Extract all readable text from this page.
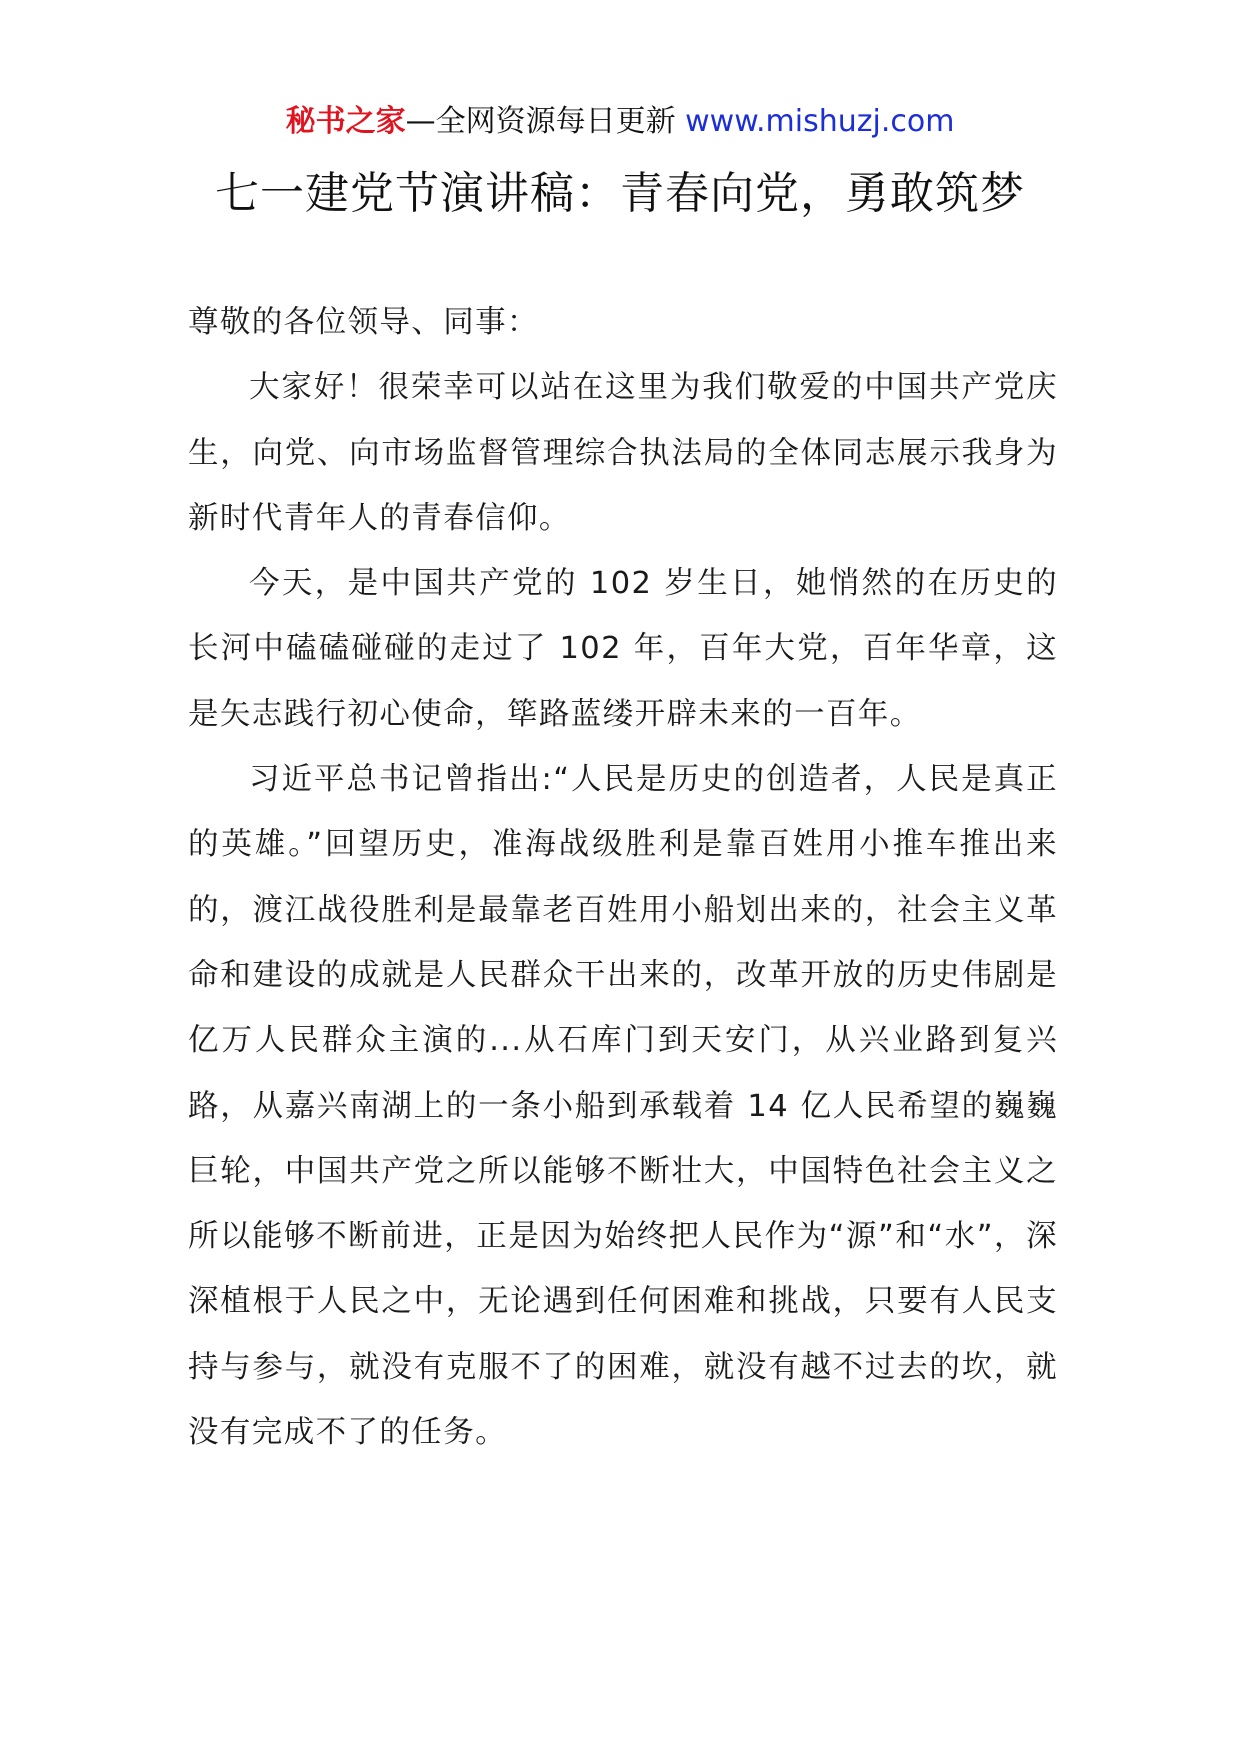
秘书之家—全网资源每日更新 www.mishuzj.com
七一建党节演讲稿：青春向党，勇敢筑梦

尊敬的各位领导、同事：

大家好！很荣幸可以站在这里为我们敬爱的中国共产党庆生，向党、向市场监督管理综合执法局的全体同志展示我身为新时代青年人的青春信仰。

今天，是中国共产党的 102 岁生日，她悄然的在历史的长河中磕磕碰碰的走过了 102 年，百年大党，百年华章，这是矢志践行初心使命，筚路蓝缕开辟未来的一百年。

习近平总书记曾指出:“人民是历史的创造者，人民是真正的英雄。”回望历史，准海战级胜利是靠百姓用小推车推出来的，渡江战役胜利是最靠老百姓用小船划出来的，社会主义革命和建设的成就是人民群众干出来的，改革开放的历史伟剧是亿万人民群众主演的...从石库门到天安门，从兴业路到复兴路，从嘉兴南湖上的一条小船到承载着 14 亿人民希望的巍巍巨轮，中国共产党之所以能够不断壮大，中国特色社会主义之所以能够不断前进，正是因为始终把人民作为“源”和“水”，深深植根于人民之中，无论遇到任何困难和挑战，只要有人民支持与参与，就没有克服不了的困难，就没有越不过去的坎，就没有完成不了的任务。
